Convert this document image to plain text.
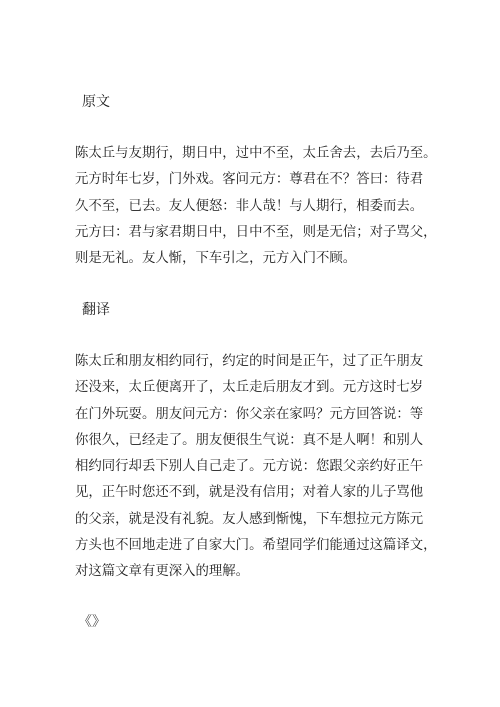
原文
陈太丘与友期行，期日中，过中不至，太丘舍去，去后乃至。
元方时年七岁，门外戏。客问元方：尊君在不？答曰：待君
久不至，已去。友人便怒：非人哉！与人期行，相委而去。
元方曰：君与家君期日中，日中不至，则是无信；对子骂父，
则是无礼。友人惭，下车引之，元方入门不顾。
翻译
陈太丘和朋友相约同行，约定的时间是正午，过了正午朋友
还没来，太丘便离开了，太丘走后朋友才到。元方这时七岁
在门外玩耍。朋友问元方：你父亲在家吗？元方回答说：等
你很久，已经走了。朋友便很生气说：真不是人啊！和别人
相约同行却丢下别人自己走了。元方说：您跟父亲约好正午
见，正午时您还不到，就是没有信用；对着人家的儿子骂他
的父亲，就是没有礼貌。友人感到惭愧，下车想拉元方陈元
方头也不回地走进了自家大门。希望同学们能通过这篇译文，
对这篇文章有更深入的理解。
《》
